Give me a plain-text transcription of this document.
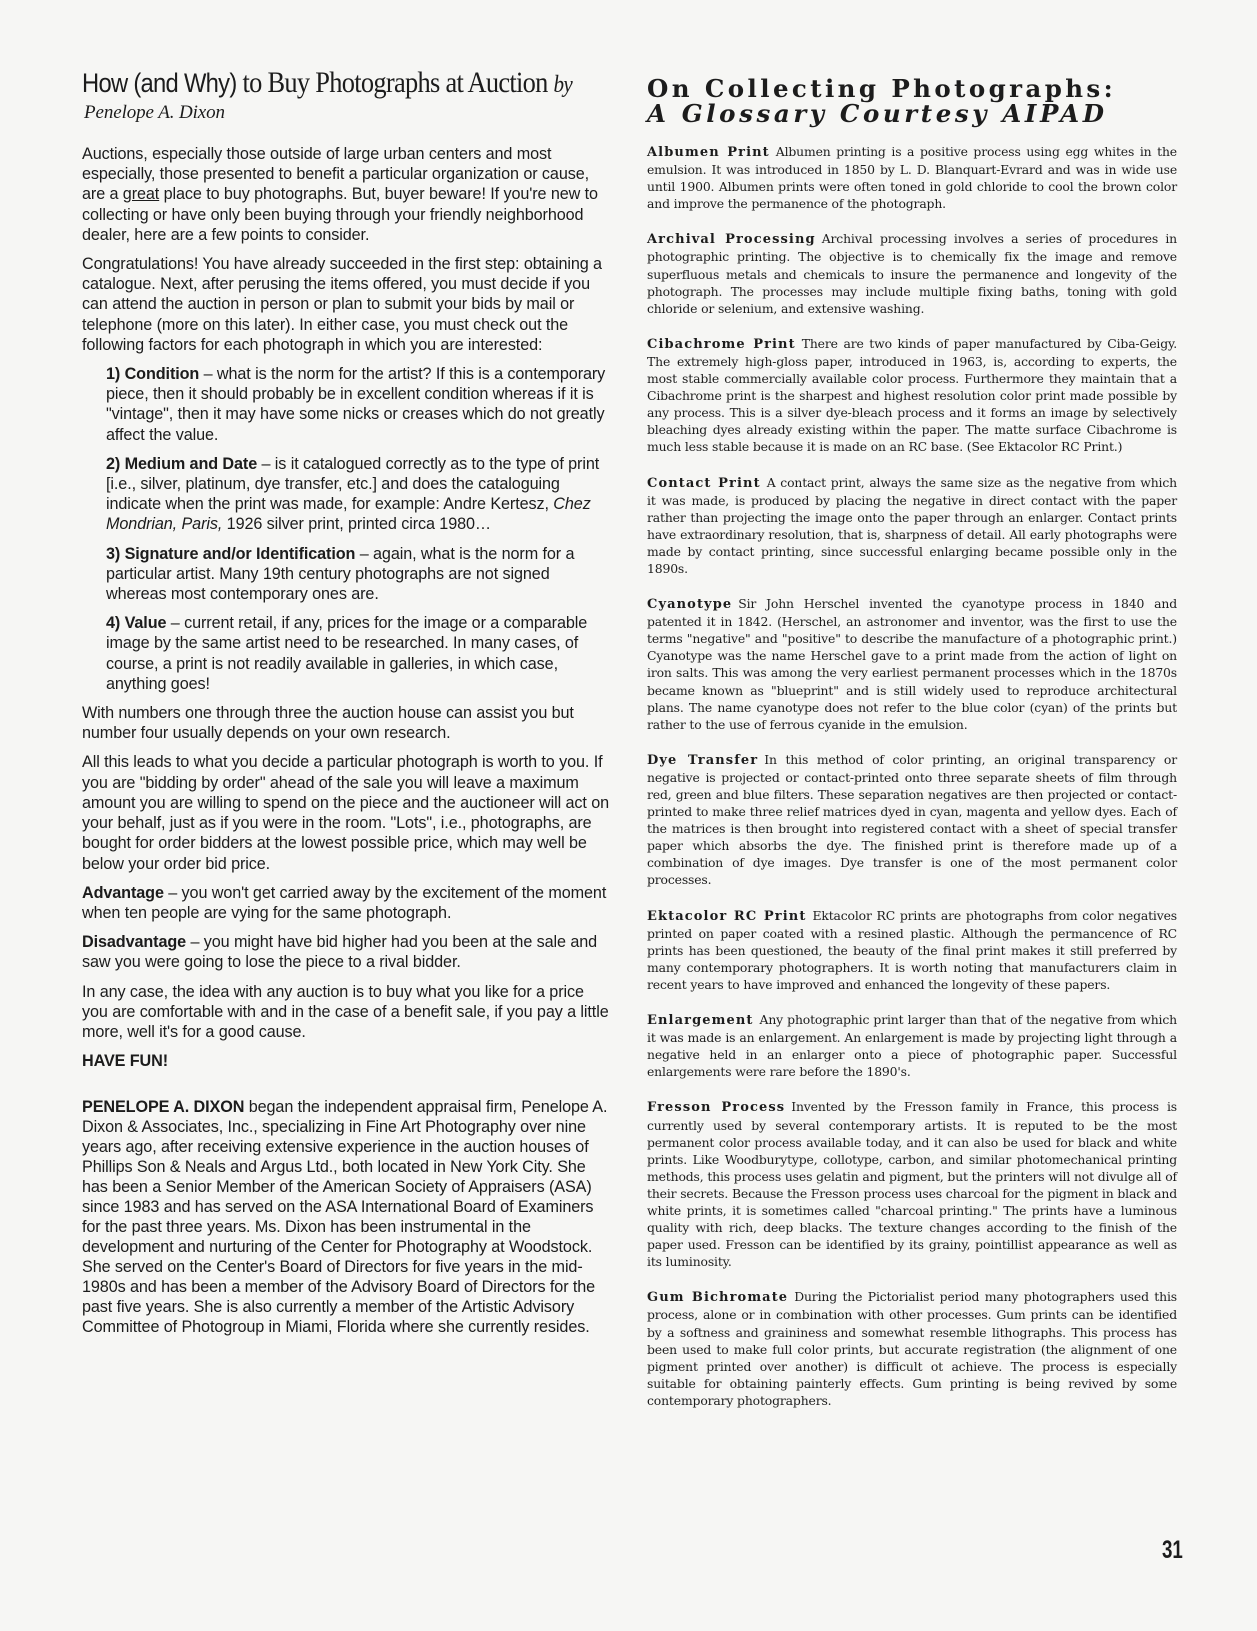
How (and Why) to Buy Photographs at Auction by
Penelope A. Dixon

Auctions, especially those outside of large urban centers and most especially, those presented to benefit a particular organization or cause, are a great place to buy photographs. But, buyer beware! If you're new to collecting or have only been buying through your friendly neighborhood dealer, here are a few points to consider.

Congratulations! You have already succeeded in the first step: obtaining a catalogue. Next, after perusing the items offered, you must decide if you can attend the auction in person or plan to submit your bids by mail or telephone (more on this later). In either case, you must check out the following factors for each photograph in which you are interested:

1) Condition – what is the norm for the artist? If this is a contemporary piece, then it should probably be in excellent condition whereas if it is "vintage", then it may have some nicks or creases which do not greatly affect the value.

2) Medium and Date – is it catalogued correctly as to the type of print [i.e., silver, platinum, dye transfer, etc.] and does the cataloguing indicate when the print was made, for example: Andre Kertesz, Chez Mondrian, Paris, 1926 silver print, printed circa 1980…

3) Signature and/or Identification – again, what is the norm for a particular artist. Many 19th century photographs are not signed whereas most contemporary ones are.

4) Value – current retail, if any, prices for the image or a comparable image by the same artist need to be researched. In many cases, of course, a print is not readily available in galleries, in which case, anything goes!

With numbers one through three the auction house can assist you but number four usually depends on your own research.

All this leads to what you decide a particular photograph is worth to you. If you are "bidding by order" ahead of the sale you will leave a maximum amount you are willing to spend on the piece and the auctioneer will act on your behalf, just as if you were in the room. "Lots", i.e., photographs, are bought for order bidders at the lowest possible price, which may well be below your order bid price.

Advantage – you won't get carried away by the excitement of the moment when ten people are vying for the same photograph.

Disadvantage – you might have bid higher had you been at the sale and saw you were going to lose the piece to a rival bidder.

In any case, the idea with any auction is to buy what you like for a price you are comfortable with and in the case of a benefit sale, if you pay a little more, well it's for a good cause.

HAVE FUN!

PENELOPE A. DIXON began the independent appraisal firm, Penelope A. Dixon & Associates, Inc., specializing in Fine Art Photography over nine years ago, after receiving extensive experience in the auction houses of Phillips Son & Neals and Argus Ltd., both located in New York City. She has been a Senior Member of the American Society of Appraisers (ASA) since 1983 and has served on the ASA International Board of Examiners for the past three years. Ms. Dixon has been instrumental in the development and nurturing of the Center for Photography at Woodstock. She served on the Center's Board of Directors for five years in the mid-1980s and has been a member of the Advisory Board of Directors for the past five years. She is also currently a member of the Artistic Advisory Committee of Photogroup in Miami, Florida where she currently resides.

On Collecting Photographs:
A Glossary Courtesy AIPAD

Albumen Print Albumen printing is a positive process using egg whites in the emulsion. It was introduced in 1850 by L. D. Blanquart-Evrard and was in wide use until 1900. Albumen prints were often toned in gold chloride to cool the brown color and improve the permanence of the photograph.

Archival Processing Archival processing involves a series of procedures in photographic printing. The objective is to chemically fix the image and remove superfluous metals and chemicals to insure the permanence and longevity of the photograph. The processes may include multiple fixing baths, toning with gold chloride or selenium, and extensive washing.

Cibachrome Print There are two kinds of paper manufactured by Ciba-Geigy. The extremely high-gloss paper, introduced in 1963, is, according to experts, the most stable commercially available color process. Furthermore they maintain that a Cibachrome print is the sharpest and highest resolution color print made possible by any process. This is a silver dye-bleach process and it forms an image by selectively bleaching dyes already existing within the paper. The matte surface Cibachrome is much less stable because it is made on an RC base. (See Ektacolor RC Print.)

Contact Print A contact print, always the same size as the negative from which it was made, is produced by placing the negative in direct contact with the paper rather than projecting the image onto the paper through an enlarger. Contact prints have extraordinary resolution, that is, sharpness of detail. All early photographs were made by contact printing, since successful enlarging became possible only in the 1890s.

Cyanotype Sir John Herschel invented the cyanotype process in 1840 and patented it in 1842. (Herschel, an astronomer and inventor, was the first to use the terms "negative" and "positive" to describe the manufacture of a photographic print.) Cyanotype was the name Herschel gave to a print made from the action of light on iron salts. This was among the very earliest permanent processes which in the 1870s became known as "blueprint" and is still widely used to reproduce architectural plans. The name cyanotype does not refer to the blue color (cyan) of the prints but rather to the use of ferrous cyanide in the emulsion.

Dye Transfer In this method of color printing, an original transparency or negative is projected or contact-printed onto three separate sheets of film through red, green and blue filters. These separation negatives are then projected or contact-printed to make three relief matrices dyed in cyan, magenta and yellow dyes. Each of the matrices is then brought into registered contact with a sheet of special transfer paper which absorbs the dye. The finished print is therefore made up of a combination of dye images. Dye transfer is one of the most permanent color processes.

Ektacolor RC Print Ektacolor RC prints are photographs from color negatives printed on paper coated with a resined plastic. Although the permancence of RC prints has been questioned, the beauty of the final print makes it still preferred by many contemporary photographers. It is worth noting that manufacturers claim in recent years to have improved and enhanced the longevity of these papers.

Enlargement Any photographic print larger than that of the negative from which it was made is an enlargement. An enlargement is made by projecting light through a negative held in an enlarger onto a piece of photographic paper. Successful enlargements were rare before the 1890's.

Fresson Process Invented by the Fresson family in France, this process is currently used by several contemporary artists. It is reputed to be the most permanent color process available today, and it can also be used for black and white prints. Like Woodburytype, collotype, carbon, and similar photomechanical printing methods, this process uses gelatin and pigment, but the printers will not divulge all of their secrets. Because the Fresson process uses charcoal for the pigment in black and white prints, it is sometimes called "charcoal printing." The prints have a luminous quality with rich, deep blacks. The texture changes according to the finish of the paper used. Fresson can be identified by its grainy, pointillist appearance as well as its luminosity.

Gum Bichromate During the Pictorialist period many photographers used this process, alone or in combination with other processes. Gum prints can be identified by a softness and graininess and somewhat resemble lithographs. This process has been used to make full color prints, but accurate registration (the alignment of one pigment printed over another) is difficult ot achieve. The process is especially suitable for obtaining painterly effects. Gum printing is being revived by some contemporary photographers.

31
